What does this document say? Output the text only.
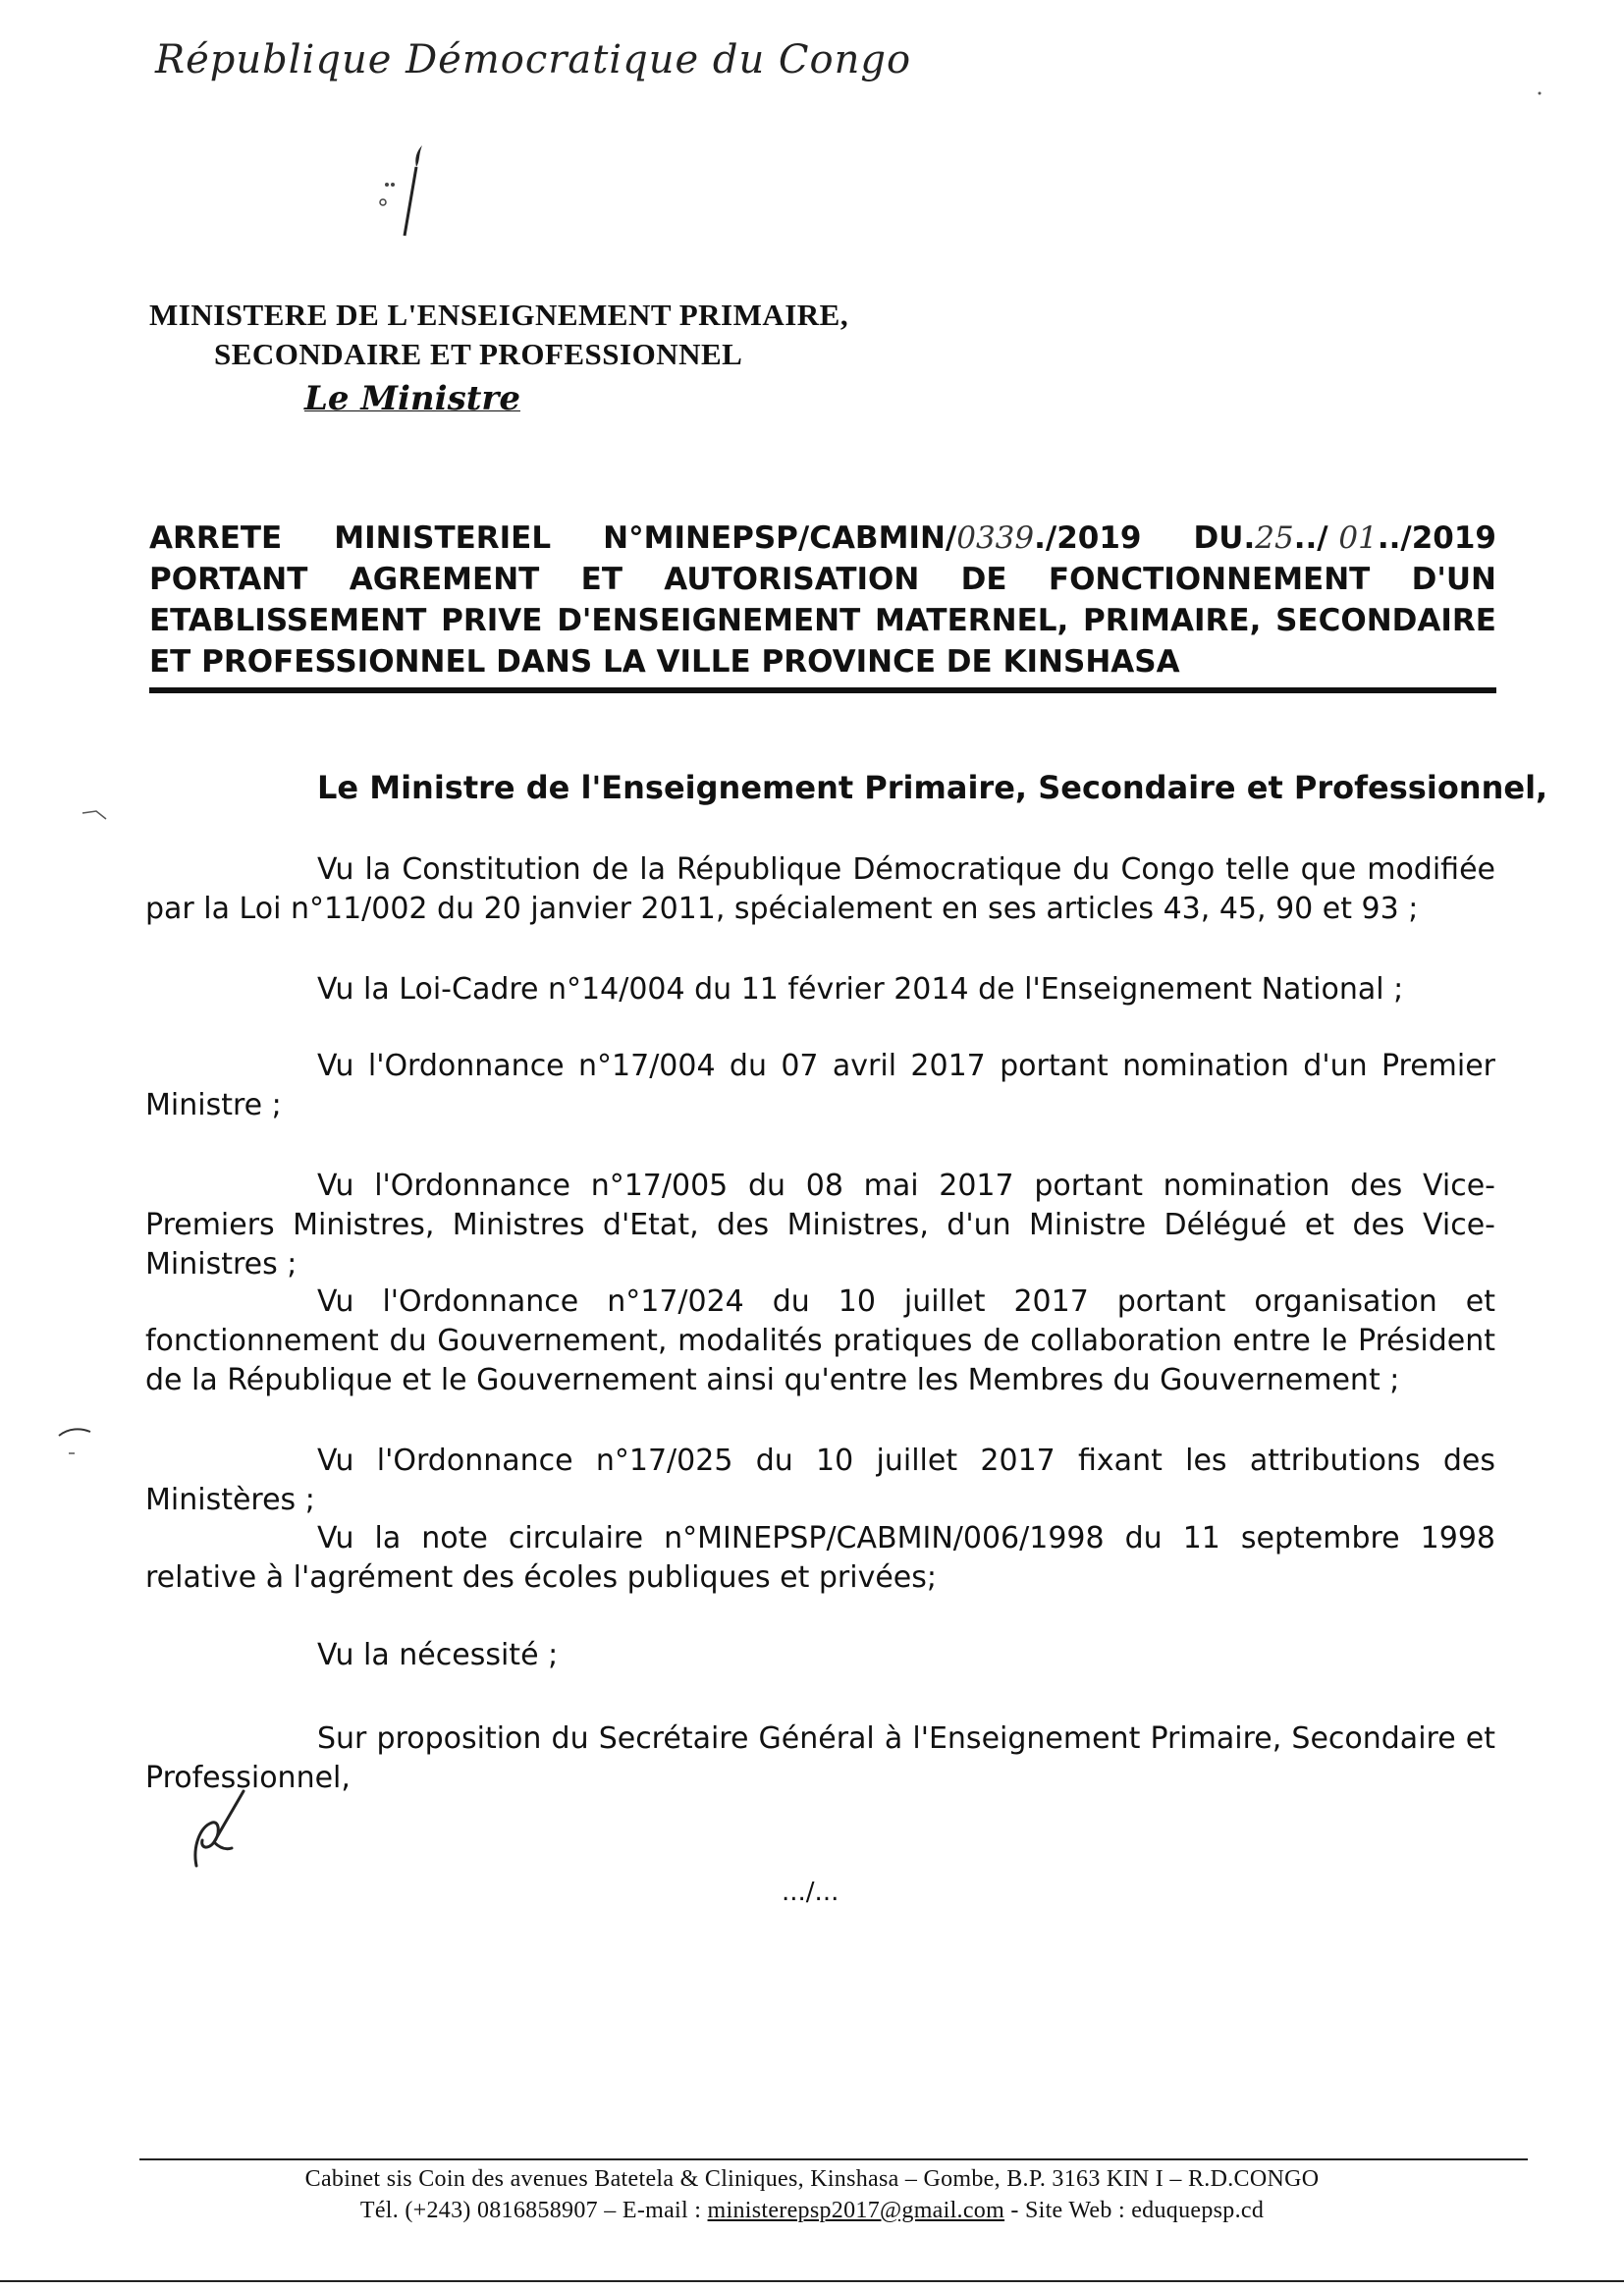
République Démocratique du Congo
MINISTERE DE L'ENSEIGNEMENT PRIMAIRE,
SECONDAIRE ET PROFESSIONNEL
Le Ministre
ARRETE MINISTERIEL N°MINEPSP/CABMIN/0339./2019 DU.25../ 01../2019
PORTANT AGREMENT ET AUTORISATION DE FONCTIONNEMENT D'UN
ETABLISSEMENT PRIVE D'ENSEIGNEMENT MATERNEL, PRIMAIRE, SECONDAIRE
ET PROFESSIONNEL DANS LA VILLE PROVINCE DE KINSHASA
Le Ministre de l'Enseignement Primaire, Secondaire et Professionnel,
Vu la Constitution de la République Démocratique du Congo telle que modifiée par la Loi n°11/002 du 20 janvier 2011, spécialement en ses articles 43, 45, 90 et 93 ;
Vu la Loi-Cadre n°14/004 du 11 février 2014 de l'Enseignement National ;
Vu l'Ordonnance n°17/004 du 07 avril 2017 portant nomination d'un Premier Ministre ;
Vu l'Ordonnance n°17/005 du 08 mai 2017 portant nomination des Vice-Premiers Ministres, Ministres d'Etat, des Ministres, d'un Ministre Délégué et des Vice-Ministres ;
Vu l'Ordonnance n°17/024 du 10 juillet 2017 portant organisation et fonctionnement du Gouvernement, modalités pratiques de collaboration entre le Président de la République et le Gouvernement ainsi qu'entre les Membres du Gouvernement ;
Vu l'Ordonnance n°17/025 du 10 juillet 2017 fixant les attributions des Ministères ;
Vu la note circulaire n°MINEPSP/CABMIN/006/1998 du 11 septembre 1998 relative à l'agrément des écoles publiques et privées;
Vu la nécessité ;
Sur proposition du Secrétaire Général à l'Enseignement Primaire, Secondaire et Professionnel,
.../...
Cabinet sis Coin des avenues Batetela & Cliniques, Kinshasa – Gombe, B.P. 3163 KIN I – R.D.CONGO
Tél. (+243) 0816858907 – E-mail : ministerepsp2017@gmail.com - Site Web : eduquepsp.cd
